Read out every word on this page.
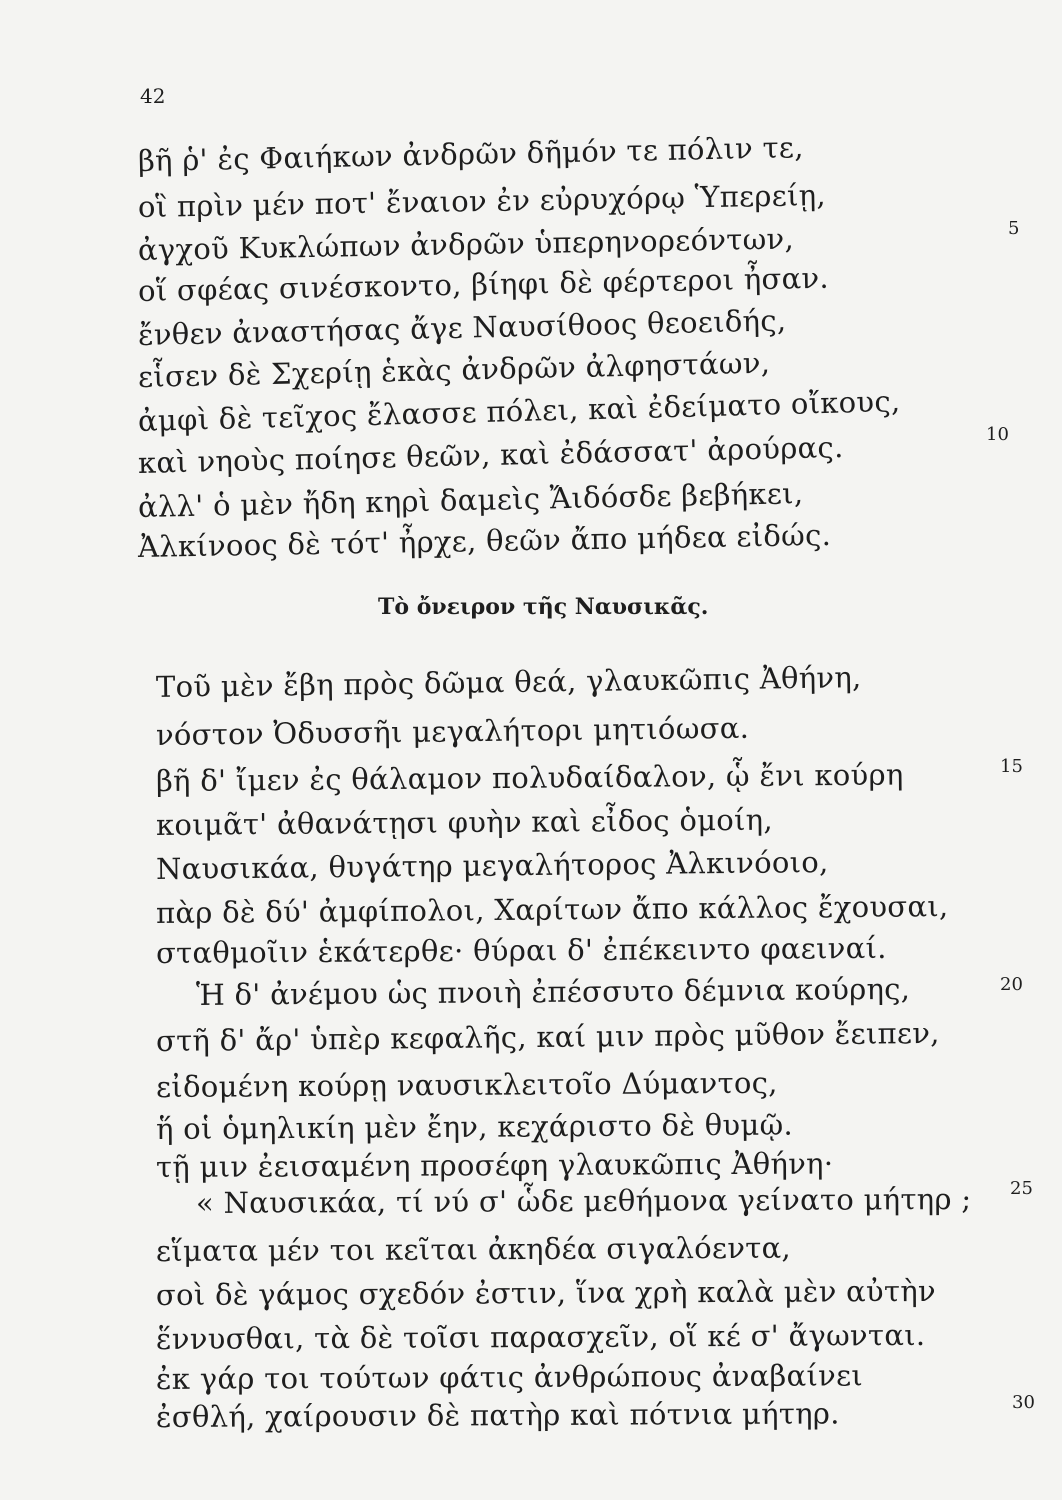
42
βῆ ῥ' ἐς Φαιήκων ἀνδρῶν δῆμόν τε πόλιν τε,
οἳ πρὶν μέν ποτ' ἔναιον ἐν εὐρυχόρῳ Ὑπερείῃ,
ἀγχοῦ Κυκλώπων ἀνδρῶν ὑπερηνορεόντων,
οἵ σφέας σινέσκοντο, βίηφι δὲ φέρτεροι ἦσαν.
ἔνθεν ἀναστήσας ἄγε Ναυσίθοος θεοειδής,
εἷσεν δὲ Σχερίῃ ἑκὰς ἀνδρῶν ἀλφηστάων,
ἀμφὶ δὲ τεῖχος ἔλασσε πόλει, καὶ ἐδείματο οἴκους,
καὶ νηοὺς ποίησε θεῶν, καὶ ἐδάσσατ' ἀρούρας.
ἀλλ' ὁ μὲν ἤδη κηρὶ δαμεὶς Ἄιδόσδε βεβήκει,
Ἀλκίνοος δὲ τότ' ἦρχε, θεῶν ἄπο μήδεα εἰδώς.
Τὸ ὄνειρον τῆς Ναυσικᾶς.
Τοῦ μὲν ἔβη πρὸς δῶμα θεά, γλαυκῶπις Ἀθήνη,
νόστον Ὀδυσσῆι μεγαλήτορι μητιόωσα.
βῆ δ' ἴμεν ἐς θάλαμον πολυδαίδαλον, ᾧ ἔνι κούρη
κοιμᾶτ' ἀθανάτῃσι φυὴν καὶ εἶδος ὁμοίη,
Ναυσικάα, θυγάτηρ μεγαλήτορος Ἀλκινόοιο,
πὰρ δὲ δύ' ἀμφίπολοι, Χαρίτων ἄπο κάλλος ἔχουσαι,
σταθμοῖιν ἑκάτερθε· θύραι δ' ἐπέκειντο φαειναί.
Ἡ δ' ἀνέμου ὡς πνοιὴ ἐπέσσυτο δέμνια κούρης,
στῆ δ' ἄρ' ὑπὲρ κεφαλῆς, καί μιν πρὸς μῦθον ἔειπεν,
εἰδομένη κούρῃ ναυσικλειτοῖο Δύμαντος,
ἥ οἱ ὁμηλικίη μὲν ἔην, κεχάριστο δὲ θυμῷ.
τῇ μιν ἐεισαμένη προσέφη γλαυκῶπις Ἀθήνη·
« Ναυσικάα, τί νύ σ' ὧδε μεθήμονα γείνατο μήτηρ ;
εἵματα μέν τοι κεῖται ἀκηδέα σιγαλόεντα,
σοὶ δὲ γάμος σχεδόν ἐστιν, ἵνα χρὴ καλὰ μὲν αὐτὴν
ἕννυσθαι, τὰ δὲ τοῖσι παρασχεῖν, οἵ κέ σ' ἄγωνται.
ἐκ γάρ τοι τούτων φάτις ἀνθρώπους ἀναβαίνει
ἐσθλή, χαίρουσιν δὲ πατὴρ καὶ πότνια μήτηρ.
5
10
15
20
25
30
